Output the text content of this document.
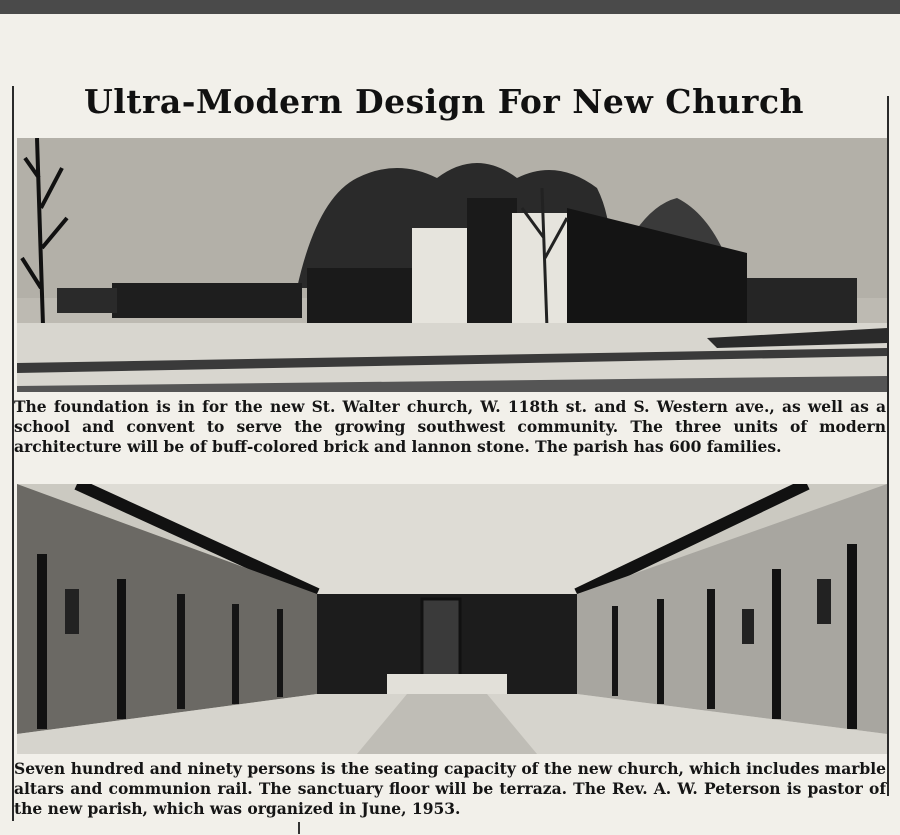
Ultra-Modern Design For New Church

The foundation is in for the new St. Walter church, W. 118th st. and S. Western ave., as well as a school and convent to serve the growing southwest community. The three units of modern architecture will be of buff-colored brick and lannon stone. The parish has 600 families.

Seven hundred and ninety persons is the seating capacity of the new church, which includes marble altars and communion rail. The sanctuary floor will be terraza. The Rev. A. W. Peterson is pastor of the new parish, which was organized in June, 1953.
